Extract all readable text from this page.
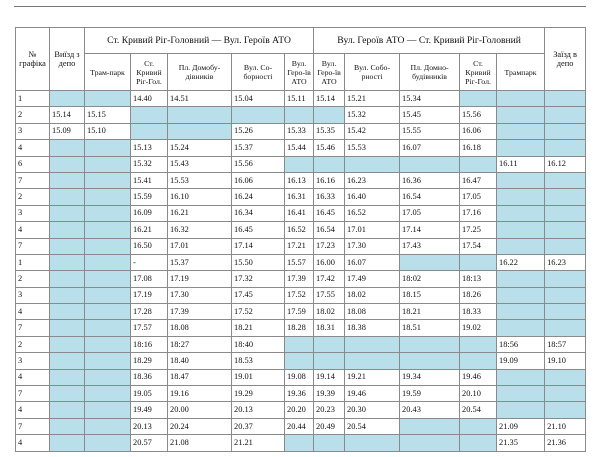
№ графіка	Виїзд з депо	Ст. Кривий Ріг-Головний — Вул. Героїв АТО					Вул. Героїв АТО — Ст. Кривий Ріг-Головний					Заїзд в депо
		Трам-парк	Ст. Кривий Ріг-Гол.	Пл. Домобу-дівників	Вул. Со-борності	Вул. Геро-їв АТО	Вул. Геро-їв АТО	Вул. Собо-рності	Пл. Домно-будівників	Ст. Кривий Ріг-Гол.	Трампарк	
1			14.40	14.51	15.04	15.11	15.14	15.21	15.34			
2	15.14	15.15						15.32	15.45	15.56		
3	15.09	15.10			15.26	15.33	15.35	15.42	15.55	16.06		
4			15.13	15.24	15.37	15.44	15.46	15.53	16.07	16.18		
6			15.32	15.43	15.56						16.11	16.12
7			15.41	15.53	16.06	16.13	16.16	16.23	16.36	16.47		
2			15.59	16.10	16.24	16.31	16.33	16.40	16.54	17.05		
3			16.09	16.21	16.34	16.41	16.45	16.52	17.05	17.16		
4			16.21	16.32	16.45	16.52	16.54	17.01	17.14	17.25		
7			16.50	17.01	17.14	17.21	17.23	17.30	17.43	17.54		
1			-	15.37	15.50	15.57	16.00	16.07			16.22	16.23
2			17.08	17.19	17.32	17.39	17.42	17.49	18:02	18:13		
3			17.19	17.30	17.45	17.52	17.55	18.02	18.15	18.26		
4			17.28	17.39	17.52	17.59	18.02	18.08	18.21	18.33		
7			17.57	18.08	18.21	18.28	18.31	18.38	18.51	19.02		
2			18:16	18:27	18:40						18:56	18:57
3			18.29	18.40	18.53						19.09	19.10
4			18.36	18.47	19.01	19.08	19.14	19.21	19.34	19.46		
7			19.05	19.16	19.29	19.36	19.39	19.46	19.59	20.10		
4			19.49	20.00	20.13	20.20	20.23	20.30	20.43	20.54		
7			20.13	20.24	20.37	20.44	20.49	20.54			21.09	21.10
4			20.57	21.08	21.21						21.35	21.36
